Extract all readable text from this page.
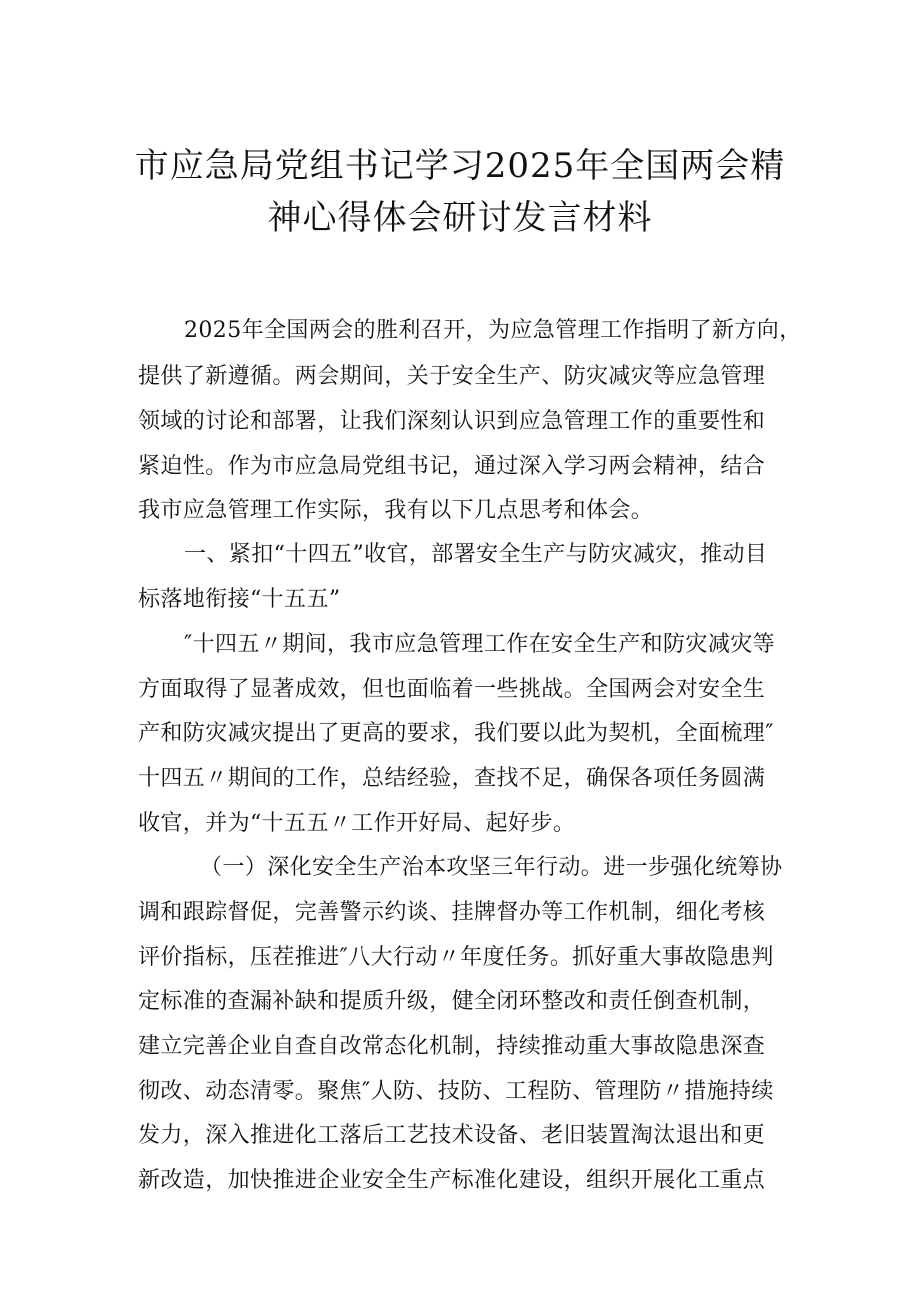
市应急局党组书记学习2025年全国两会精
神心得体会研讨发言材料
2025年全国两会的胜利召开，为应急管理工作指明了新方向，
提供了新遵循。两会期间，关于安全生产、防灾减灾等应急管理
领域的讨论和部署，让我们深刻认识到应急管理工作的重要性和
紧迫性。作为市应急局党组书记，通过深入学习两会精神，结合
我市应急管理工作实际，我有以下几点思考和体会。
一、紧扣“十四五”收官，部署安全生产与防灾减灾，推动目
标落地衔接“十五五”
″十四五〃期间，我市应急管理工作在安全生产和防灾减灾等
方面取得了显著成效，但也面临着一些挑战。全国两会对安全生
产和防灾减灾提出了更高的要求，我们要以此为契机，全面梳理″
十四五〃期间的工作，总结经验，查找不足，确保各项任务圆满
收官，并为“十五五〃工作开好局、起好步。
（一）深化安全生产治本攻坚三年行动。进一步强化统筹协
调和跟踪督促，完善警示约谈、挂牌督办等工作机制，细化考核
评价指标，压茬推进″八大行动〃年度任务。抓好重大事故隐患判
定标准的查漏补缺和提质升级，健全闭环整改和责任倒查机制，
建立完善企业自查自改常态化机制，持续推动重大事故隐患深查
彻改、动态清零。聚焦″人防、技防、工程防、管理防〃措施持续
发力，深入推进化工落后工艺技术设备、老旧装置淘汰退出和更
新改造，加快推进企业安全生产标准化建设，组织开展化工重点
